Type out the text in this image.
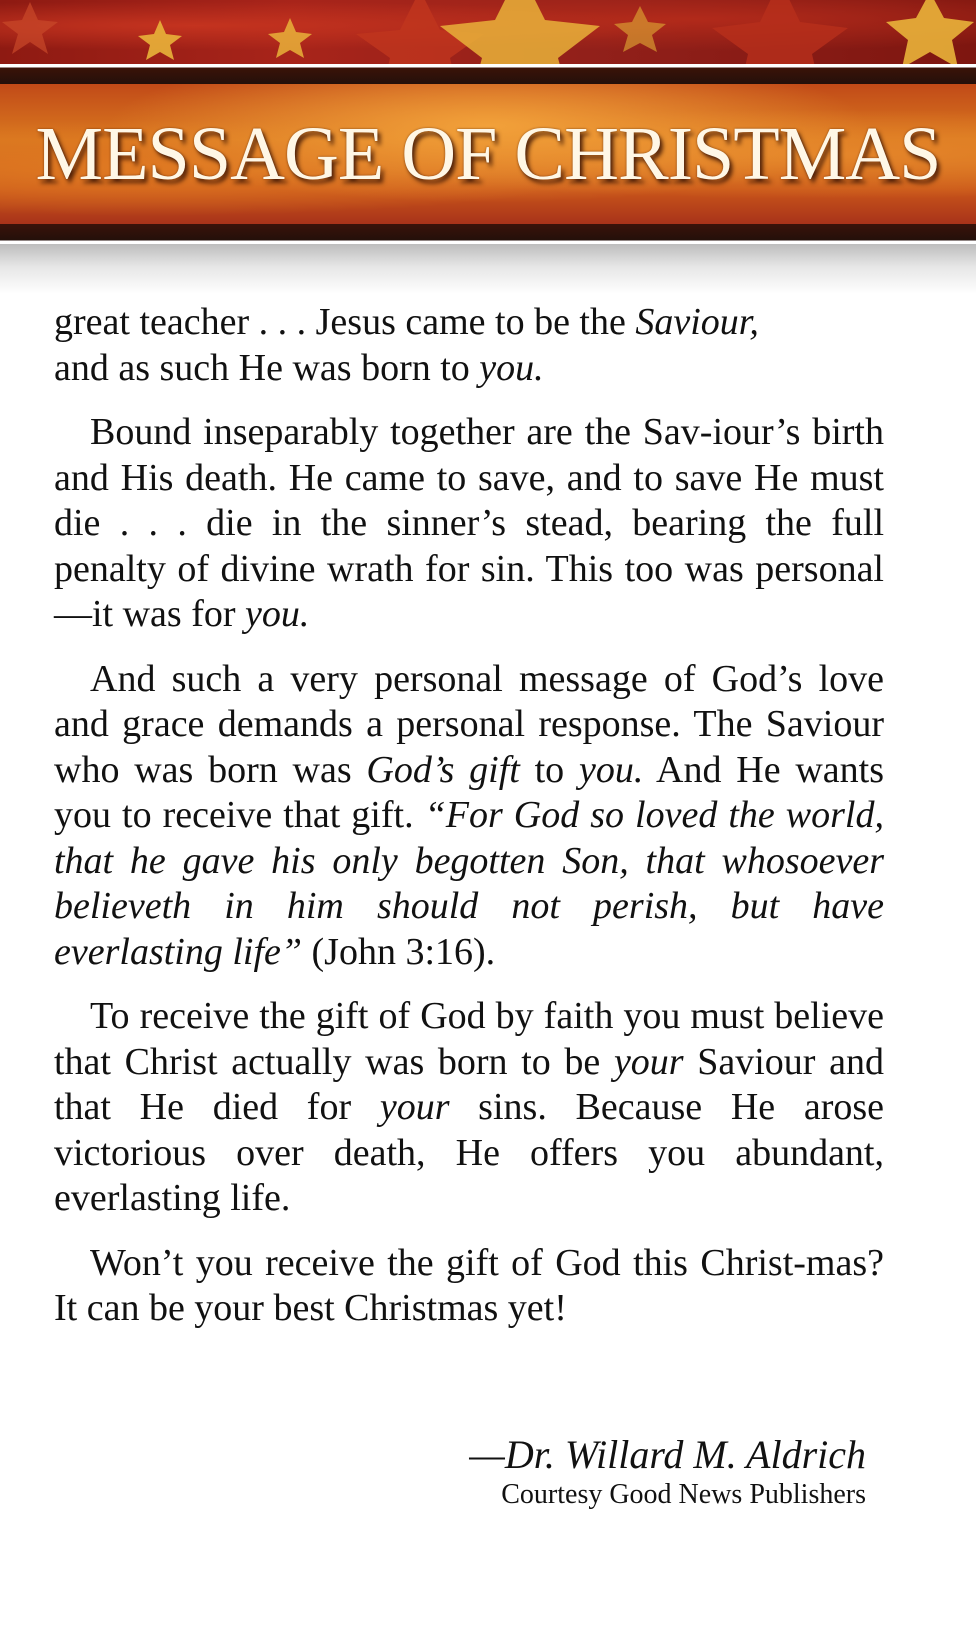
MESSAGE OF CHRISTMAS

great teacher . . . Jesus came to be the Saviour,
and as such He was born to you.

Bound inseparably together are the Sav-iour’s birth and His death. He came to save, and to save He must die . . . die in the sinner’s stead, bearing the full penalty of divine wrath for sin. This too was personal—it was for you.

And such a very personal message of God’s love and grace demands a personal response. The Saviour who was born was God’s gift to you. And He wants you to receive that gift. “For God so loved the world, that he gave his only begotten Son, that whosoever believeth in him should not perish, but have everlasting life” (John 3:16).

To receive the gift of God by faith you must believe that Christ actually was born to be your Saviour and that He died for your sins. Because He arose victorious over death, He offers you abundant, everlasting life.

Won’t you receive the gift of God this Christ-mas? It can be your best Christmas yet!

—Dr. Willard M. Aldrich
Courtesy Good News Publishers
